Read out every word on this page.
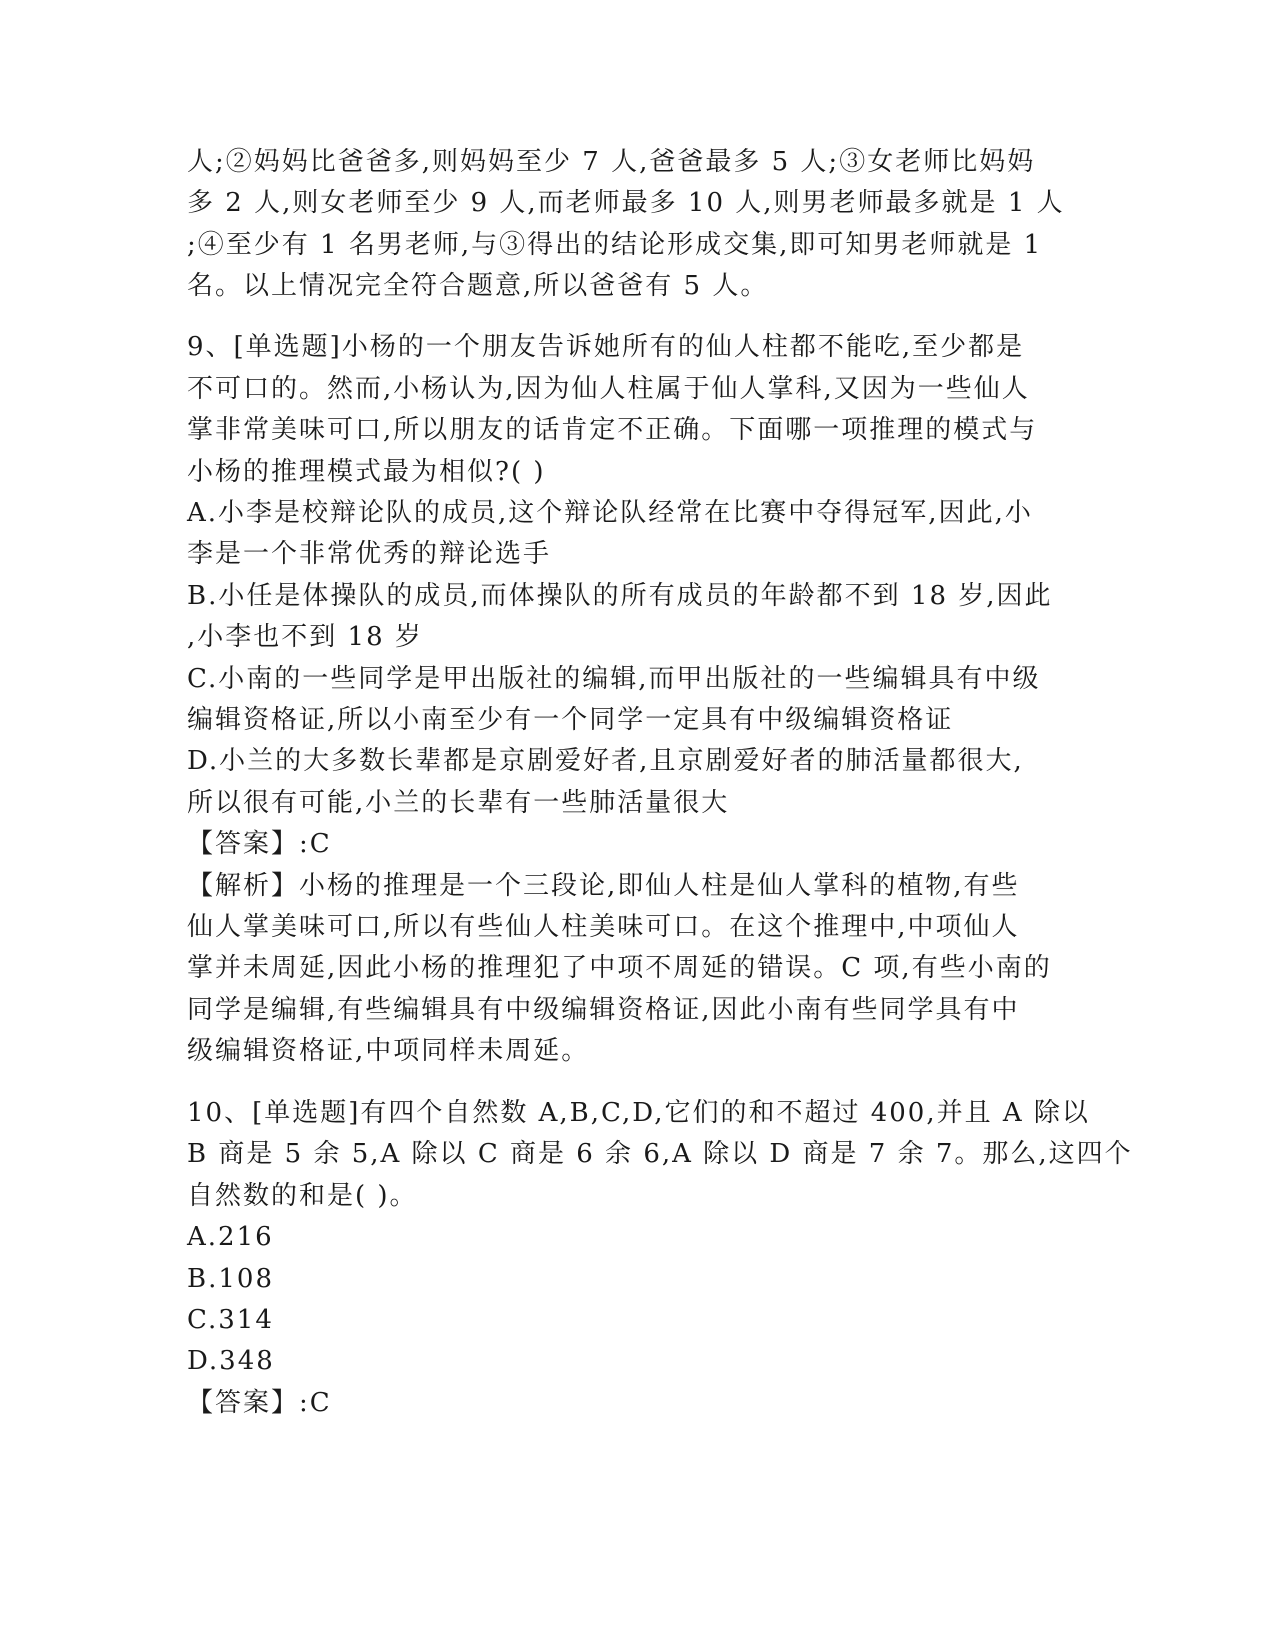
人;②妈妈比爸爸多,则妈妈至少 7 人,爸爸最多 5 人;③女老师比妈妈
多 2 人,则女老师至少 9 人,而老师最多 10 人,则男老师最多就是 1 人
;④至少有 1 名男老师,与③得出的结论形成交集,即可知男老师就是 1
名。以上情况完全符合题意,所以爸爸有 5 人。
9、[单选题]小杨的一个朋友告诉她所有的仙人柱都不能吃,至少都是
不可口的。然而,小杨认为,因为仙人柱属于仙人掌科,又因为一些仙人
掌非常美味可口,所以朋友的话肯定不正确。下面哪一项推理的模式与
小杨的推理模式最为相似?( )
A.小李是校辩论队的成员,这个辩论队经常在比赛中夺得冠军,因此,小
李是一个非常优秀的辩论选手
B.小任是体操队的成员,而体操队的所有成员的年龄都不到 18 岁,因此
,小李也不到 18 岁
C.小南的一些同学是甲出版社的编辑,而甲出版社的一些编辑具有中级
编辑资格证,所以小南至少有一个同学一定具有中级编辑资格证
D.小兰的大多数长辈都是京剧爱好者,且京剧爱好者的肺活量都很大,
所以很有可能,小兰的长辈有一些肺活量很大
【答案】:C
【解析】小杨的推理是一个三段论,即仙人柱是仙人掌科的植物,有些
仙人掌美味可口,所以有些仙人柱美味可口。在这个推理中,中项仙人
掌并未周延,因此小杨的推理犯了中项不周延的错误。C 项,有些小南的
同学是编辑,有些编辑具有中级编辑资格证,因此小南有些同学具有中
级编辑资格证,中项同样未周延。
10、[单选题]有四个自然数 A,B,C,D,它们的和不超过 400,并且 A 除以
B 商是 5 余 5,A 除以 C 商是 6 余 6,A 除以 D 商是 7 余 7。那么,这四个
自然数的和是( )。
A.216
B.108
C.314
D.348
【答案】:C
